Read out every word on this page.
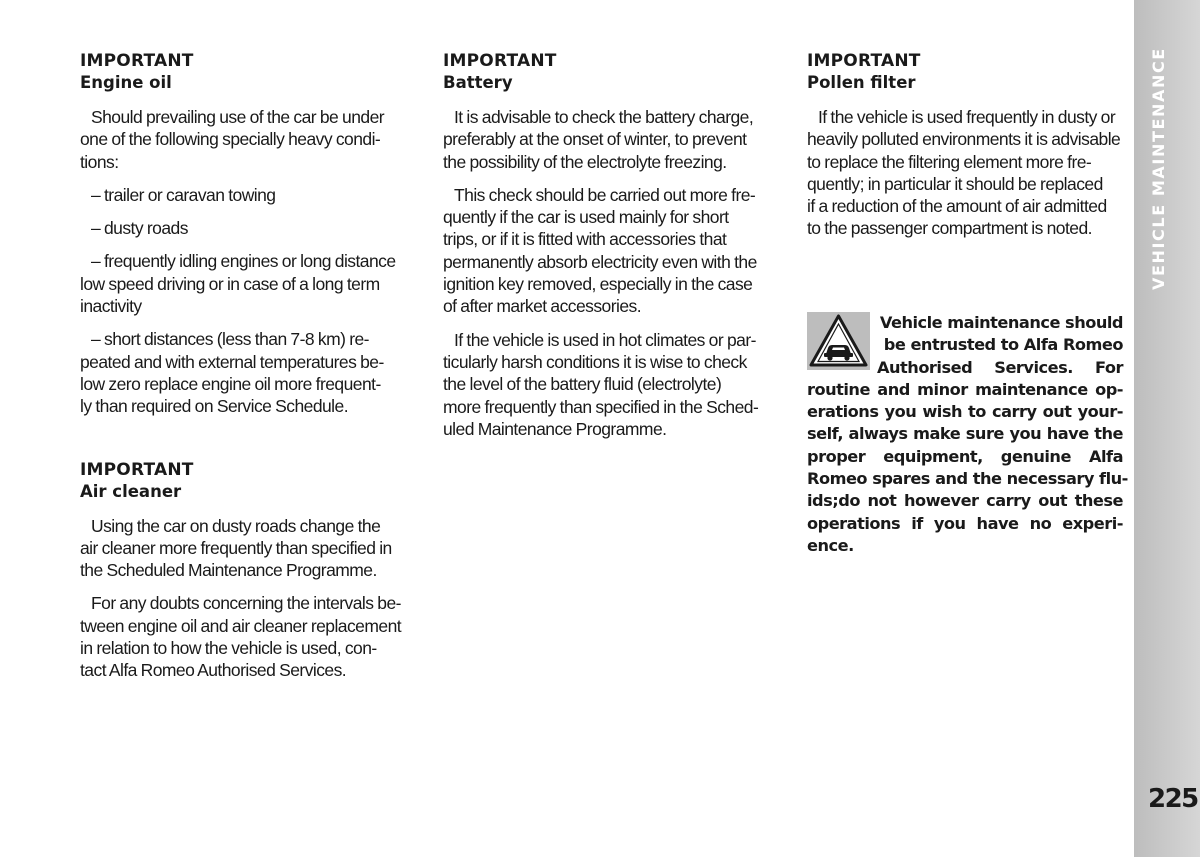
IMPORTANT

Engine oil

Should prevailing use of the car be under
one of the following specially heavy condi-
tions:

– trailer or caravan towing

– dusty roads

– frequently idling engines or long distance
low speed driving or in case of a long term
inactivity

– short distances (less than 7-8 km) re-
peated and with external temperatures be-
low zero replace engine oil more frequent-
ly than required on Service Schedule.

IMPORTANT

Air cleaner

Using the car on dusty roads change the
air cleaner more frequently than specified in
the Scheduled Maintenance Programme.

For any doubts concerning the intervals be-
tween engine oil and air cleaner replacement
in relation to how the vehicle is used, con-
tact Alfa Romeo Authorised Services.

IMPORTANT

Battery

It is advisable to check the battery charge,
preferably at the onset of winter, to prevent
the possibility of the electrolyte freezing.

This check should be carried out more fre-
quently if the car is used mainly for short
trips, or if it is fitted with accessories that
permanently absorb electricity even with the
ignition key removed, especially in the case
of after market accessories.

If the vehicle is used in hot climates or par-
ticularly harsh conditions it is wise to check
the level of the battery fluid (electrolyte)
more frequently than specified in the Sched-
uled Maintenance Programme.

IMPORTANT

Pollen filter

If the vehicle is used frequently in dusty or
heavily polluted environments it is advisable
to replace the filtering element more fre-
quently; in particular it should be replaced
if a reduction of the amount of air admitted
to the passenger compartment is noted.

Vehicle maintenance should
be entrusted to Alfa Romeo
Authorised Services. For
routine and minor maintenance op-
erations you wish to carry out your-
self, always make sure you have the
proper equipment, genuine Alfa
Romeo spares and the necessary flu-
ids;do not however carry out these
operations if you have no experi-
ence.
VEHICLE MAINTENANCE
225
